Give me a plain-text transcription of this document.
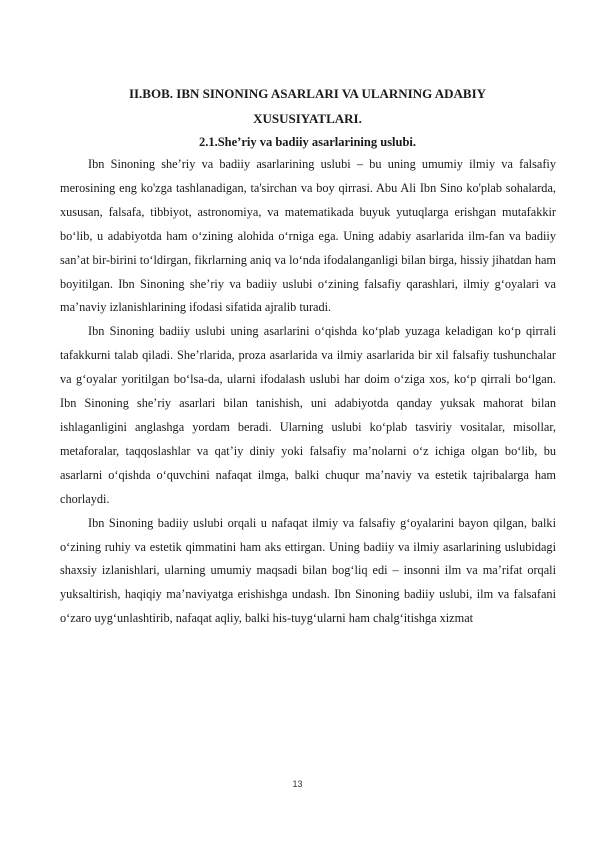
II.BOB. IBN SINONING ASARLARI VA ULARNING ADABIY
XUSUSIYATLARI.
2.1.She’riy va badiiy asarlarining uslubi.

Ibn Sinoning she’riy va badiiy asarlarining uslubi – bu uning umumiy ilmiy va falsafiy merosining eng ko'zga tashlanadigan, ta'sirchan va boy qirrasi. Abu Ali Ibn Sino ko'plab sohalarda, xususan, falsafa, tibbiyot, astronomiya, va matematikada buyuk yutuqlarga erishgan mutafakkir bo‘lib, u adabiyotda ham o‘zining alohida o‘rniga ega. Uning adabiy asarlarida ilm-fan va badiiy san’at bir-birini to‘ldirgan, fikrlarning aniq va lo‘nda ifodalanganligi bilan birga, hissiy jihatdan ham boyitilgan. Ibn Sinoning she’riy va badiiy uslubi o‘zining falsafiy qarashlari, ilmiy g‘oyalari va ma’naviy izlanishlarining ifodasi sifatida ajralib turadi.

Ibn Sinoning badiiy uslubi uning asarlarini o‘qishda ko‘plab yuzaga keladigan ko‘p qirrali tafakkurni talab qiladi. She’rlarida, proza asarlarida va ilmiy asarlarida bir xil falsafiy tushunchalar va g‘oyalar yoritilgan bo‘lsa-da, ularni ifodalash uslubi har doim o‘ziga xos, ko‘p qirrali bo‘lgan. Ibn Sinoning she’riy asarlari bilan tanishish, uni adabiyotda qanday yuksak mahorat bilan ishlaganligini anglashga yordam beradi. Ularning uslubi ko‘plab tasviriy vositalar, misollar, metaforalar, taqqoslashlar va qat’iy diniy yoki falsafiy ma’nolarni o‘z ichiga olgan bo‘lib, bu asarlarni o‘qishda o‘quvchini nafaqat ilmga, balki chuqur ma’naviy va estetik tajribalarga ham chorlaydi.

Ibn Sinoning badiiy uslubi orqali u nafaqat ilmiy va falsafiy g‘oyalarini bayon qilgan, balki o‘zining ruhiy va estetik qimmatini ham aks ettirgan. Uning badiiy va ilmiy asarlarining uslubidagi shaxsiy izlanishlari, ularning umumiy maqsadi bilan bog‘liq edi – insonni ilm va ma’rifat orqali yuksaltirish, haqiqiy ma’naviyatga erishishga undash. Ibn Sinoning badiiy uslubi, ilm va falsafani o‘zaro uyg‘unlashtirib, nafaqat aqliy, balki his-tuyg‘ularni ham chalg‘itishga xizmat

13
